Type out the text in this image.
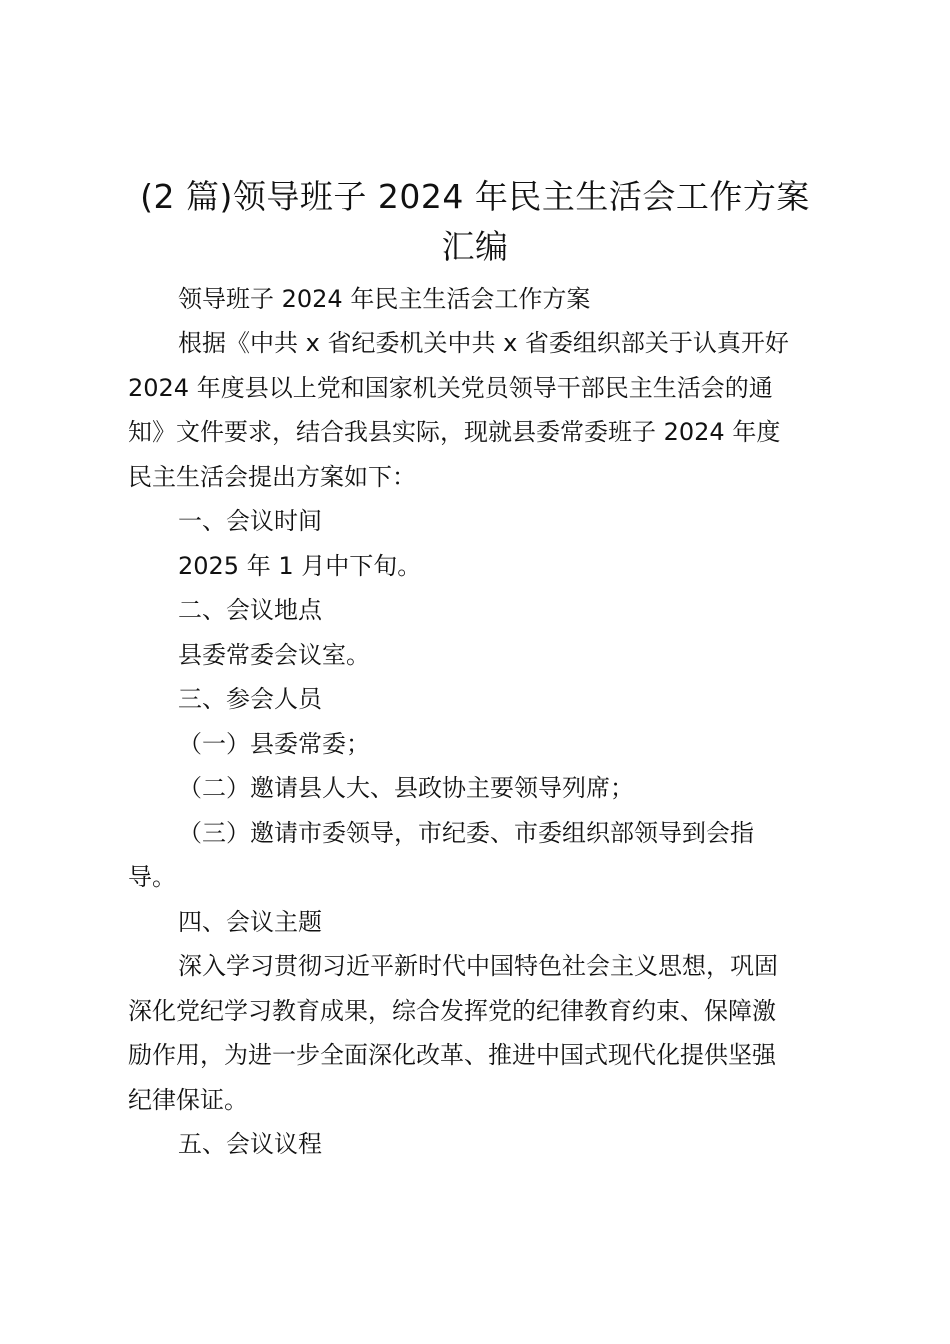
(2 篇)领导班子 2024 年民主生活会工作方案
汇编

领导班子 2024 年民主生活会工作方案

根据《中共 x 省纪委机关中共 x 省委组织部关于认真开好

2024 年度县以上党和国家机关党员领导干部民主生活会的通

知》文件要求，结合我县实际，现就县委常委班子 2024 年度

民主生活会提出方案如下：

一、会议时间

2025 年 1 月中下旬。

二、会议地点

县委常委会议室。

三、参会人员

（一）县委常委；

（二）邀请县人大、县政协主要领导列席；

（三）邀请市委领导，市纪委、市委组织部领导到会指

导。

四、会议主题

深入学习贯彻习近平新时代中国特色社会主义思想，巩固

深化党纪学习教育成果，综合发挥党的纪律教育约束、保障激

励作用，为进一步全面深化改革、推进中国式现代化提供坚强

纪律保证。

五、会议议程
